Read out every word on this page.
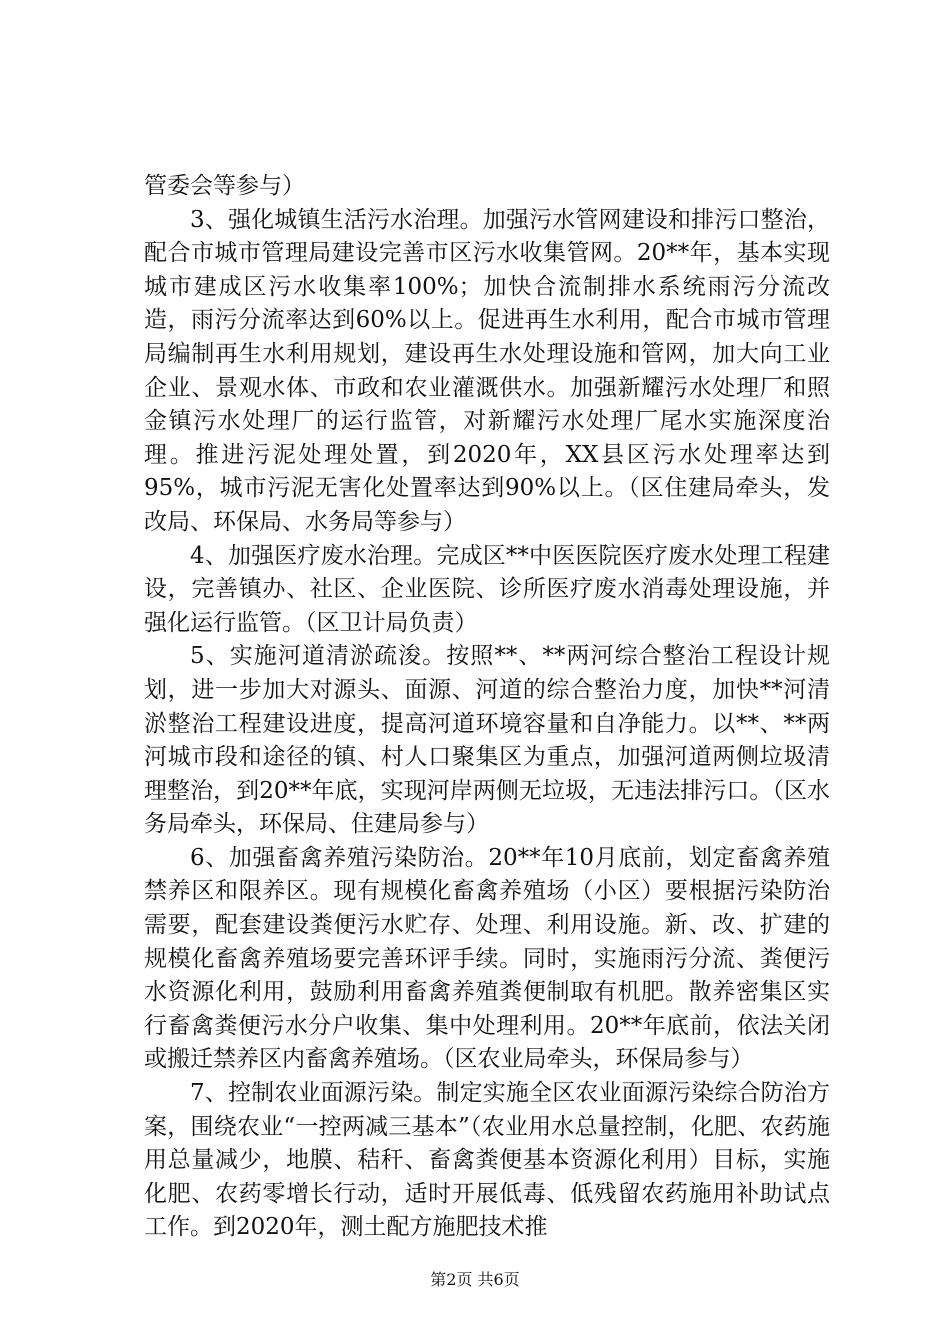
管委会等参与）

3、强化城镇生活污水治理。加强污水管网建设和排污口整治，配合市城市管理局建设完善市区污水收集管网。20**年，基本实现城市建成区污水收集率100%；加快合流制排水系统雨污分流改造，雨污分流率达到60%以上。促进再生水利用，配合市城市管理局编制再生水利用规划，建设再生水处理设施和管网，加大向工业企业、景观水体、市政和农业灌溉供水。加强新耀污水处理厂和照金镇污水处理厂的运行监管，对新耀污水处理厂尾水实施深度治理。推进污泥处理处置，到2020年，XX县区污水处理率达到95%，城市污泥无害化处置率达到90%以上。（区住建局牵头，发改局、环保局、水务局等参与）

4、加强医疗废水治理。完成区**中医医院医疗废水处理工程建设，完善镇办、社区、企业医院、诊所医疗废水消毒处理设施，并强化运行监管。（区卫计局负责）

5、实施河道清淤疏浚。按照**、**两河综合整治工程设计规划，进一步加大对源头、面源、河道的综合整治力度，加快**河清淤整治工程建设进度，提高河道环境容量和自净能力。以**、**两河城市段和途径的镇、村人口聚集区为重点，加强河道两侧垃圾清理整治，到20**年底，实现河岸两侧无垃圾，无违法排污口。（区水务局牵头，环保局、住建局参与）

6、加强畜禽养殖污染防治。20**年10月底前，划定畜禽养殖禁养区和限养区。现有规模化畜禽养殖场（小区）要根据污染防治需要，配套建设粪便污水贮存、处理、利用设施。新、改、扩建的规模化畜禽养殖场要完善环评手续。同时，实施雨污分流、粪便污水资源化利用，鼓励利用畜禽养殖粪便制取有机肥。散养密集区实行畜禽粪便污水分户收集、集中处理利用。20**年底前，依法关闭或搬迁禁养区内畜禽养殖场。（区农业局牵头，环保局参与）

7、控制农业面源污染。制定实施全区农业面源污染综合防治方案，围绕农业“一控两减三基本”（农业用水总量控制，化肥、农药施用总量减少，地膜、秸秆、畜禽粪便基本资源化利用）目标，实施化肥、农药零增长行动，适时开展低毒、低残留农药施用补助试点工作。到2020年，测土配方施肥技术推

第2页 共6页
